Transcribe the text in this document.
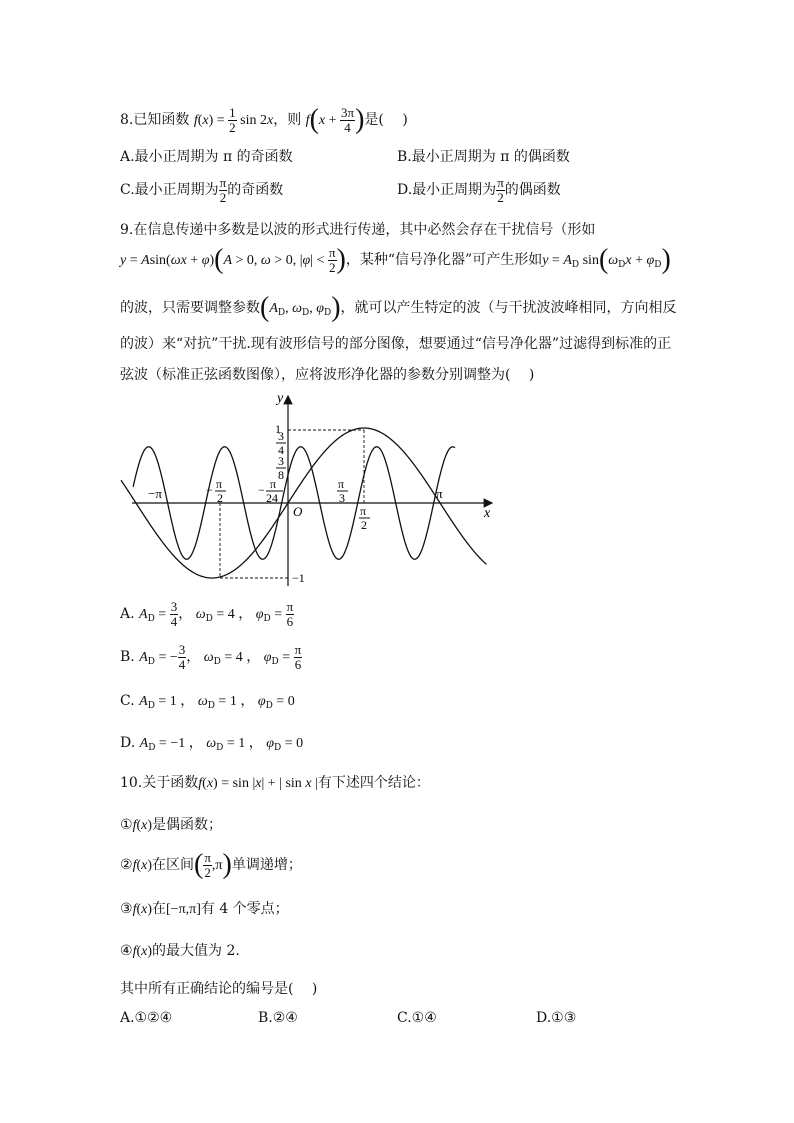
8.已知函数 $f(x) = \frac{1}{2}$ sin 2x，则 $f(x + \frac{3\pi}{4}$ )是(　 )
A.最小正周期为 π 的奇函数	B.最小正周期为 π 的偶函数
C.最小正周期为 $\frac{\pi}{2}$ 的奇函数	D.最小正周期为 $\frac{\pi}{2}$ 的偶函数
9.在信息传递中多数是以波的形式进行传递，其中必然会存在干扰信号（形如
y = Asin(ωx + φ)(A > 0, ω > 0, $|\varphi| < \frac{\pi}{2}$ )，某种“信号净化器”可产生形如$y = A_D$ $\sin(\omega_Dx + \varphi_D)$
的波，只需要调整参数($A_D$, $\omega_D$, $\varphi_D$)，就可以产生特定的波（与干扰波波峰相同，方向相反
的波）来“对抗”干扰.现有波形信号的部分图像，想要通过“信号净化器”过滤得到标准的正
弦波（标准正弦函数图像），应将波形净化器的参数分别调整为(　 )
x
y
O
−π	π
1
−1
π
2
−	π
24
−
3
4
3
8
π
3
π
2
A. $A_D = \frac{3}{4}$ ， $\omega_D = 4$ ， $\varphi_D = \frac{\pi}{6}$
B. $A_D$ = − $\frac{3}{4}$ ， $\omega_D = 4$ ， $\varphi_D = \frac{\pi}{6}$
C. $A_D = 1$ ， $\omega_D = 1$ ， $\varphi_D = 0$
D. $A_D = -1$ ， $\omega_D = 1$ ， $\varphi_D = 0$
10.关于函数f(x) = sin |x| + | sin x |有下述四个结论：
①f(x)是偶函数；
②f(x)在区间( $\frac{\pi}{2} ,\pi$)单调递增；
③f(x)在[−π,π]有 4 个零点；
④f(x)的最大值为 2.
其中所有正确结论的编号是(　 )
A.①②④	B.②④	C.①④	D.①③
